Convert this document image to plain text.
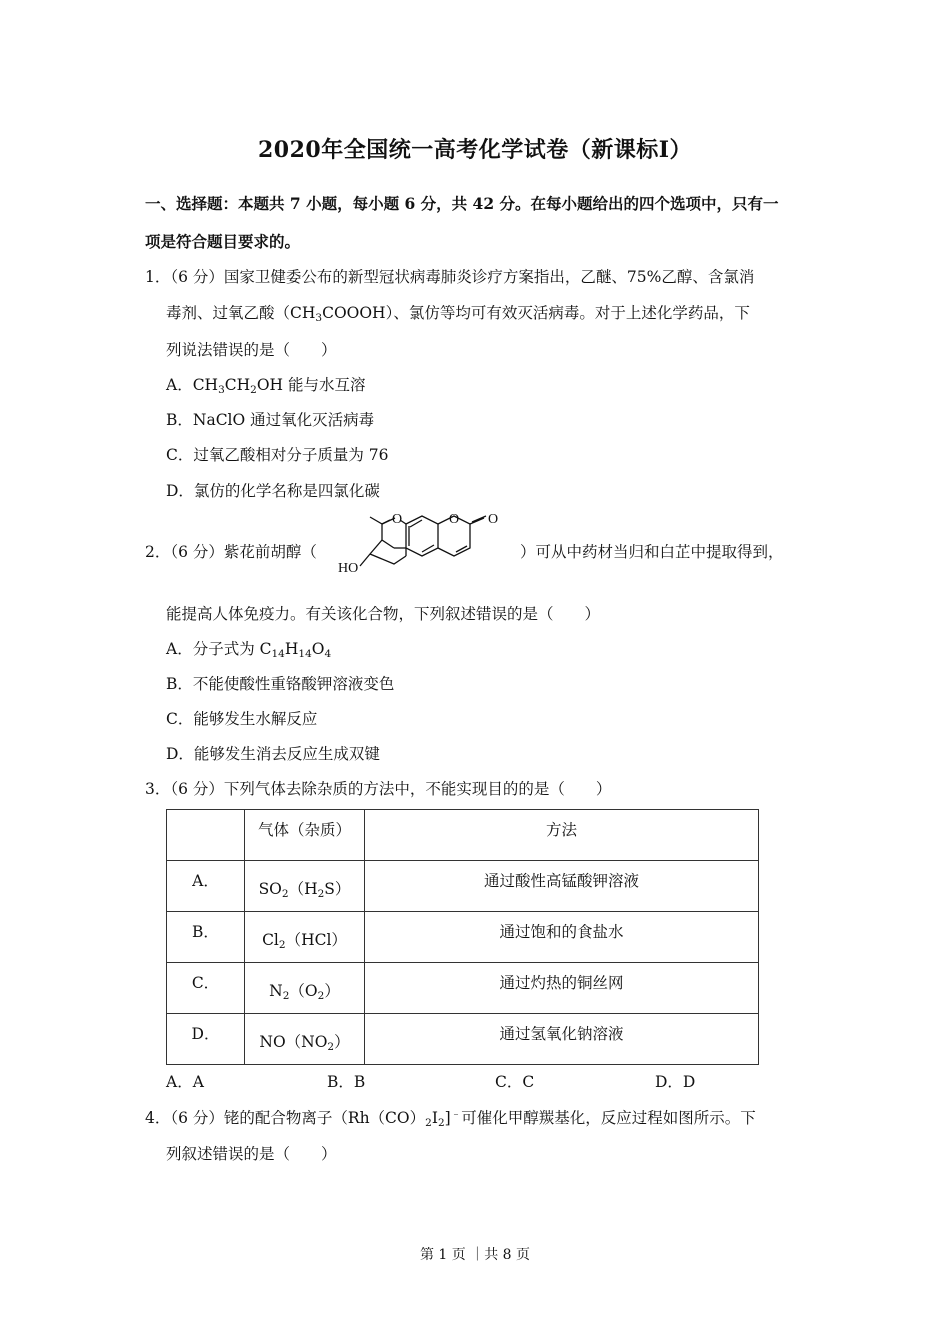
2020年全国统一高考化学试卷（新课标Ⅰ）
一、选择题：本题共 7 小题，每小题 6 分，共 42 分。在每小题给出的四个选项中，只有一
项是符合题目要求的。
1．（6 分）国家卫健委公布的新型冠状病毒肺炎诊疗方案指出，乙醚、75%乙醇、含氯消
毒剂、过氧乙酸$(CH_3COOOH)$、氯仿等均可有效灭活病毒。对于上述化学药品，下
列说法错误的是（　　）
A．$CH_3CH_2OH$ 能与水互溶
B．NaClO 通过氧化灭活病毒
C．过氧乙酸相对分子质量为 76
D．氯仿的化学名称是四氯化碳
2．（6 分）紫花前胡醇（
O	O O
HO
）可从中药材当归和白芷中提取得到，
能提高人体免疫力。有关该化合物，下列叙述错误的是（　　）
A．分子式为 $C_{14}H_{14}O_4$
B．不能使酸性重铬酸钾溶液变色
C．能够发生水解反应
D．能够发生消去反应生成双键
3．（6 分）下列气体去除杂质的方法中，不能实现目的的是（　　）
	气体（杂质）	方法
A．	$SO_2(H_2S)$	通过酸性高锰酸钾溶液
B．	$Cl_2(HCl)$	通过饱和的食盐水
C．	$N_2(O_2)$	通过灼热的铜丝网
D．	$NO(NO_2)$	通过氢氧化钠溶液
A．A	B．B	C．C	D．D
4．（6 分）铑的配合物离子$(Rh(CO)_2I_2]^﹣$可催化甲醇羰基化，反应过程如图所示。下
列叙述错误的是（　　）
第 1 页 ｜共 8 页
